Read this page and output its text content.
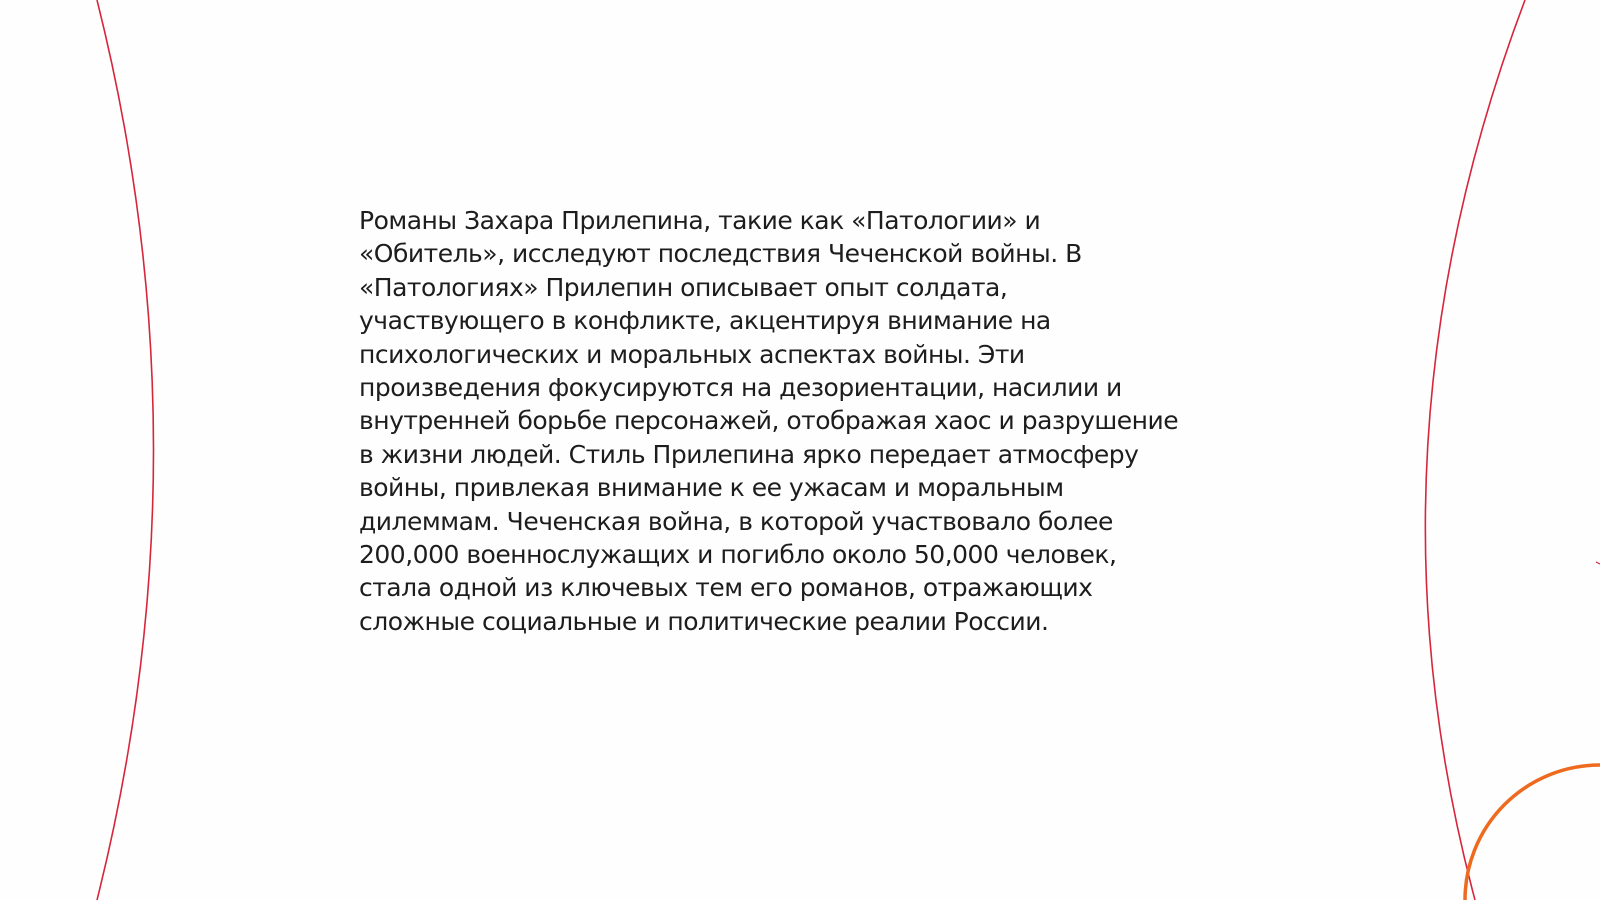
Романы Захара Прилепина, такие как «Патологии» и
«Обитель», исследуют последствия Чеченской войны. В
«Патологиях» Прилепин описывает опыт солдата,
участвующего в конфликте, акцентируя внимание на
психологических и моральных аспектах войны. Эти
произведения фокусируются на дезориентации, насилии и
внутренней борьбе персонажей, отображая хаос и разрушение
в жизни людей. Стиль Прилепина ярко передает атмосферу
войны, привлекая внимание к ее ужасам и моральным
дилеммам. Чеченская война, в которой участвовало более
200,000 военнослужащих и погибло около 50,000 человек,
стала одной из ключевых тем его романов, отражающих
сложные социальные и политические реалии России.
